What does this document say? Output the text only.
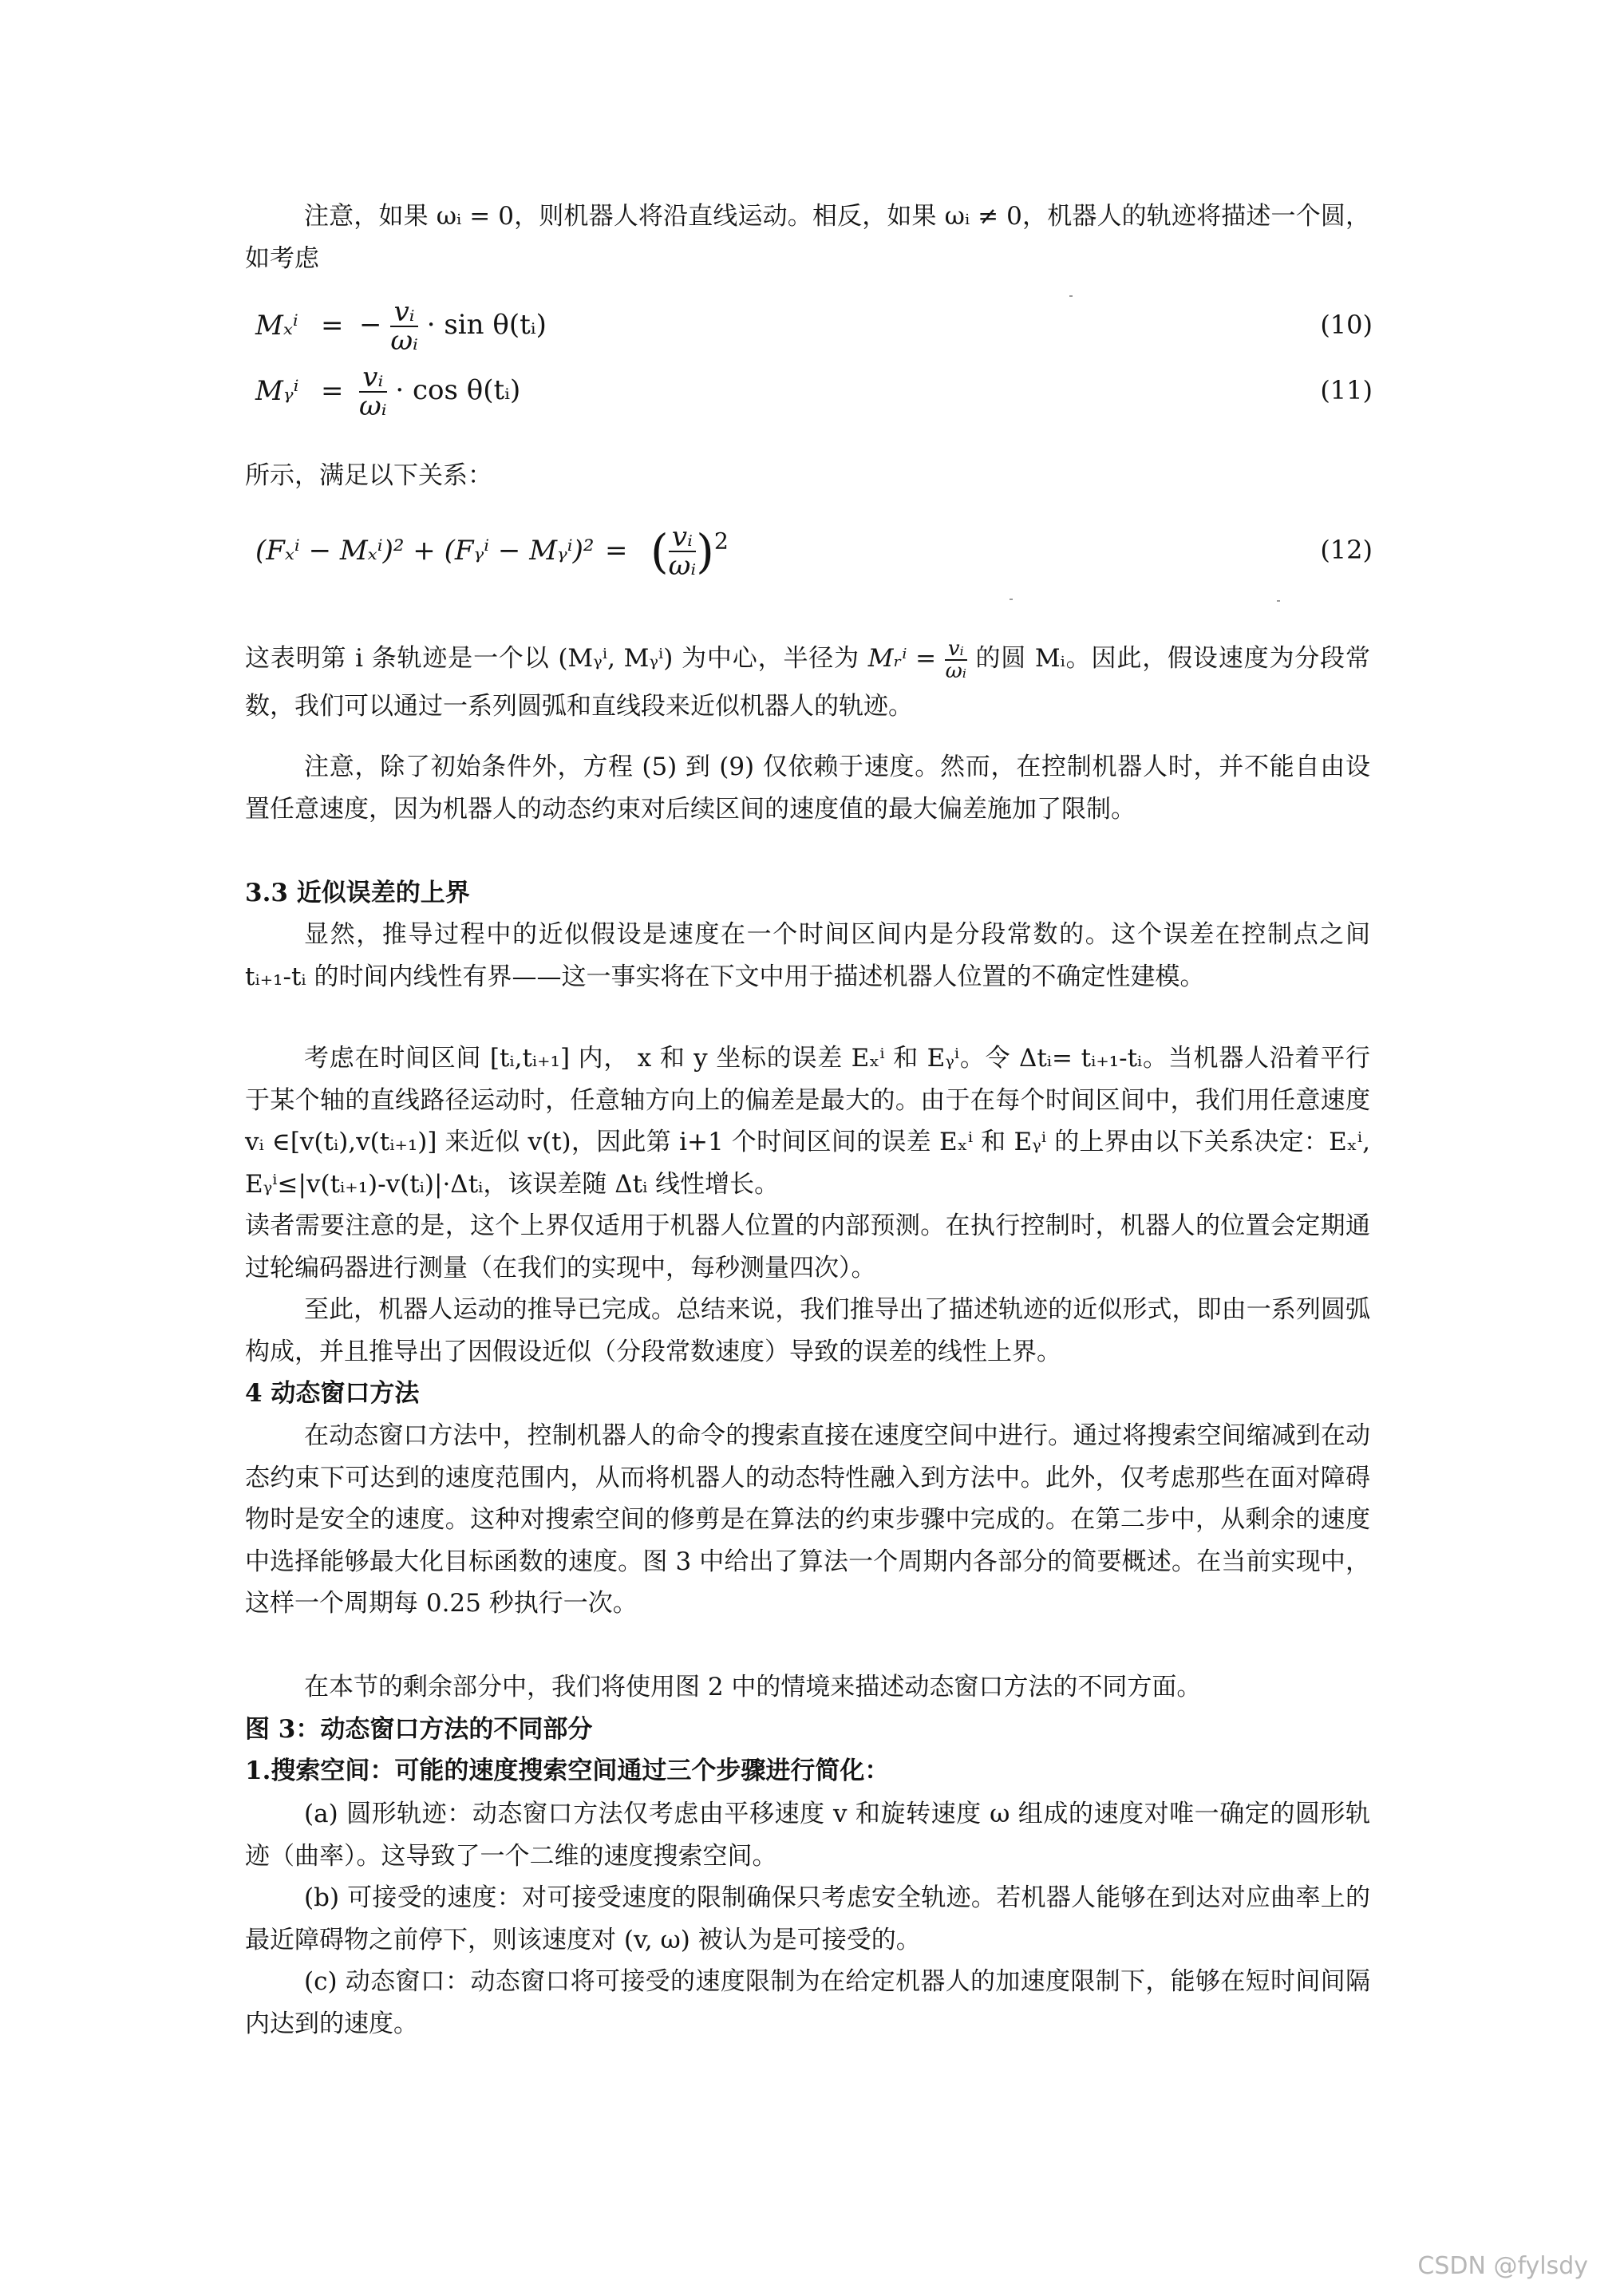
注意，如果 ωᵢ = 0，则机器人将沿直线运动。相反，如果 ωᵢ ≠ 0，机器人的轨迹将描述一个圆，如考虑

Mₓⁱ = − $\frac{\text{vᵢ}}{\text{ωᵢ}} \cdot \sin$ θ(tᵢ)	(10)
Mᵧⁱ = $\frac{\text{vᵢ}}{\text{ωᵢ}} \cdot \cos$ θ(tᵢ)	(11)

所示，满足以下关系：

(Fₓⁱ − Mₓⁱ)² + (Fᵧⁱ − Mᵧⁱ)² = ( $\frac{\text{vᵢ}}{\text{ωᵢ}} )^2$	(12)

这表明第 i 条轨迹是一个以 (Mᵧⁱ, Mᵧⁱ) 为中心，半径为 Mᵣⁱ = $\frac{\text{vᵢ}}{\text{ωᵢ}}$ 的圆 Mᵢ。因此，假设速度为分段常数，我们可以通过一系列圆弧和直线段来近似机器人的轨迹。

注意，除了初始条件外，方程 (5) 到 (9) 仅依赖于速度。然而，在控制机器人时，并不能自由设置任意速度，因为机器人的动态约束对后续区间的速度值的最大偏差施加了限制。

3.3 近似误差的上界

显然，推导过程中的近似假设是速度在一个时间区间内是分段常数的。这个误差在控制点之间 tᵢ₊₁-tᵢ 的时间内线性有界——这一事实将在下文中用于描述机器人位置的不确定性建模。

考虑在时间区间 [tᵢ,tᵢ₊₁] 内， x 和 y 坐标的误差 Eₓⁱ 和 Eᵧⁱ。令 Δtᵢ= tᵢ₊₁-tᵢ。当机器人沿着平行于某个轴的直线路径运动时，任意轴方向上的偏差是最大的。由于在每个时间区间中，我们用任意速度 vᵢ ∈[v(tᵢ),v(tᵢ₊₁)] 来近似 v(t)，因此第 i+1 个时间区间的误差 Eₓⁱ 和 Eᵧⁱ 的上界由以下关系决定：Eₓⁱ, Eᵧⁱ≤|v(tᵢ₊₁)-v(tᵢ)|·Δtᵢ，该误差随 Δtᵢ 线性增长。

读者需要注意的是，这个上界仅适用于机器人位置的内部预测。在执行控制时，机器人的位置会定期通过轮编码器进行测量（在我们的实现中，每秒测量四次）。

至此，机器人运动的推导已完成。总结来说，我们推导出了描述轨迹的近似形式，即由一系列圆弧构成，并且推导出了因假设近似（分段常数速度）导致的误差的线性上界。

4 动态窗口方法

在动态窗口方法中，控制机器人的命令的搜索直接在速度空间中进行。通过将搜索空间缩减到在动态约束下可达到的速度范围内，从而将机器人的动态特性融入到方法中。此外，仅考虑那些在面对障碍物时是安全的速度。这种对搜索空间的修剪是在算法的约束步骤中完成的。在第二步中，从剩余的速度中选择能够最大化目标函数的速度。图 3 中给出了算法一个周期内各部分的简要概述。在当前实现中，这样一个周期每 0.25 秒执行一次。

在本节的剩余部分中，我们将使用图 2 中的情境来描述动态窗口方法的不同方面。

图 3：动态窗口方法的不同部分
1.搜索空间：可能的速度搜索空间通过三个步骤进行简化：

(a) 圆形轨迹：动态窗口方法仅考虑由平移速度 v 和旋转速度 ω 组成的速度对唯一确定的圆形轨迹（曲率）。这导致了一个二维的速度搜索空间。

(b) 可接受的速度：对可接受速度的限制确保只考虑安全轨迹。若机器人能够在到达对应曲率上的最近障碍物之前停下，则该速度对 (v, ω) 被认为是可接受的。

(c) 动态窗口：动态窗口将可接受的速度限制为在给定机器人的加速度限制下，能够在短时间间隔内达到的速度。

CSDN @fylsdy
